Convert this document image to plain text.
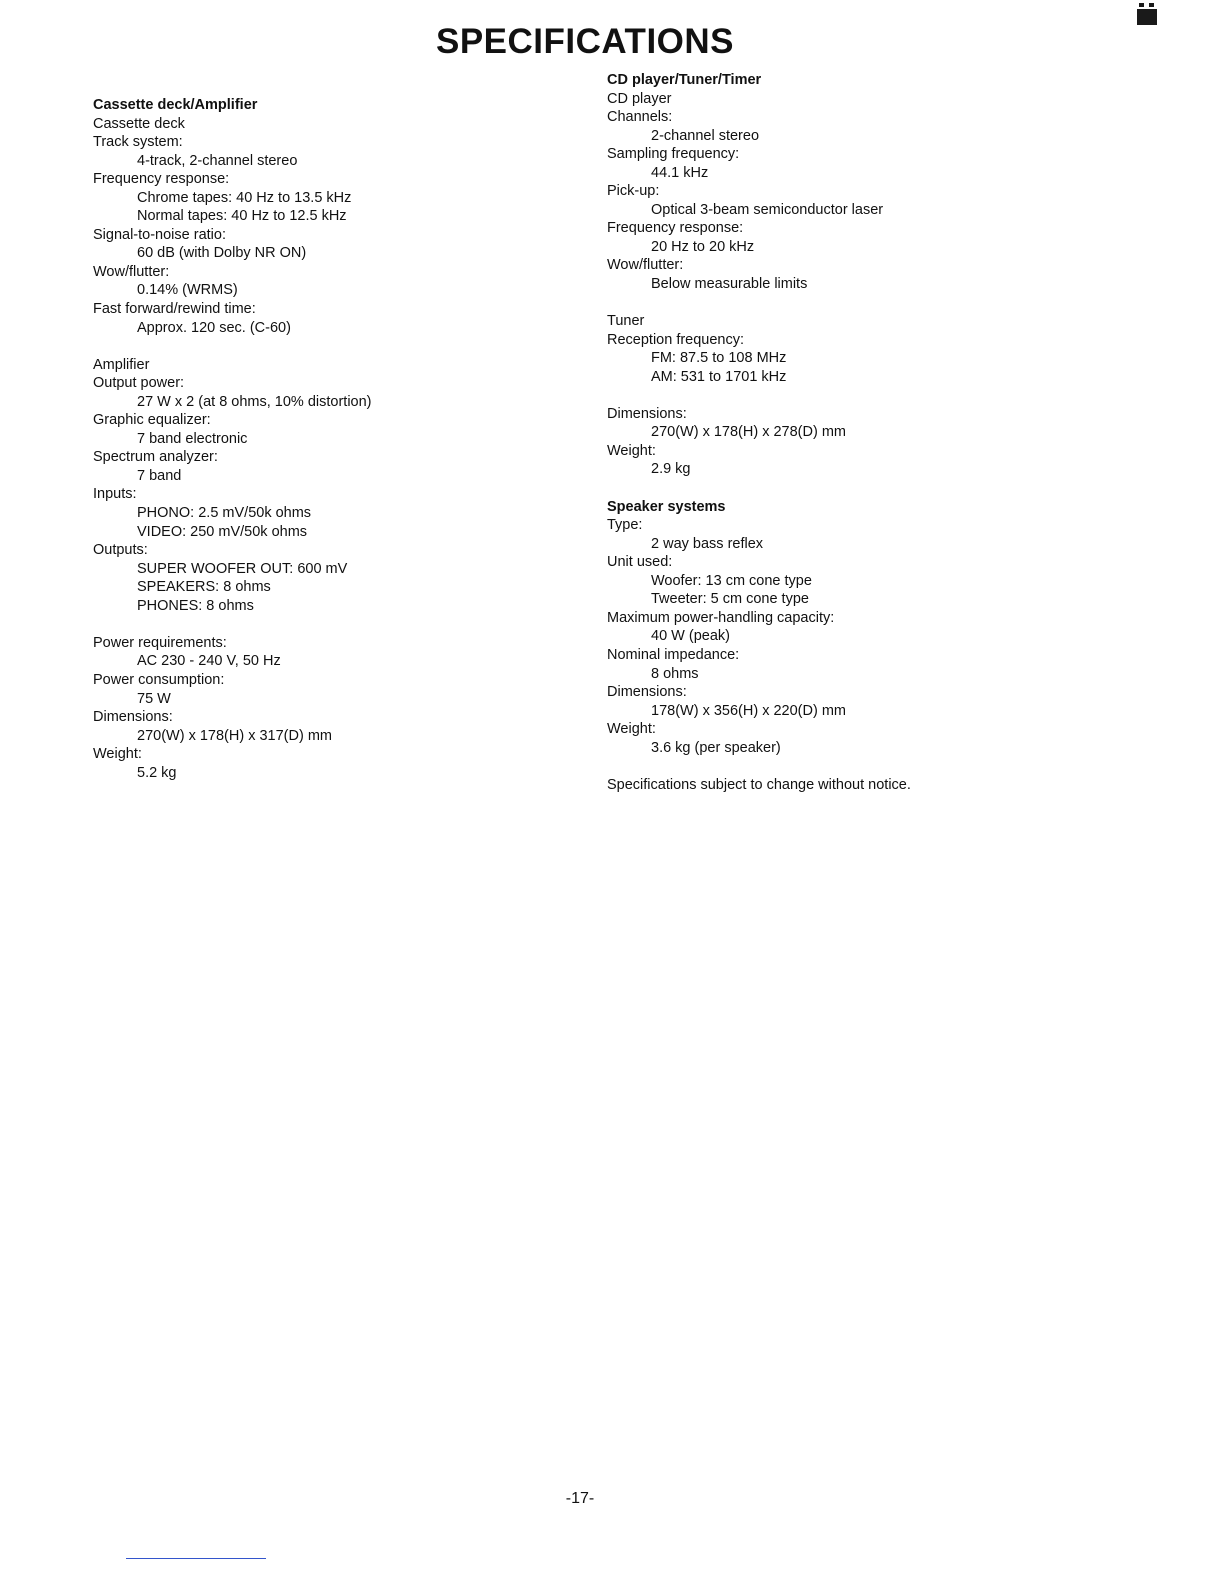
SPECIFICATIONS
Cassette deck/Amplifier
Cassette deck
Track system:
4-track, 2-channel stereo
Frequency response:
Chrome tapes: 40 Hz to 13.5 kHz
Normal tapes: 40 Hz to 12.5 kHz
Signal-to-noise ratio:
60 dB (with Dolby NR ON)
Wow/flutter:
0.14% (WRMS)
Fast forward/rewind time:
Approx. 120 sec. (C-60)
Amplifier
Output power:
27 W x 2 (at 8 ohms, 10% distortion)
Graphic equalizer:
7 band electronic
Spectrum analyzer:
7 band
Inputs:
PHONO: 2.5 mV/50k ohms
VIDEO: 250 mV/50k ohms
Outputs:
SUPER WOOFER OUT: 600 mV
SPEAKERS: 8 ohms
PHONES: 8 ohms
Power requirements:
AC 230 - 240 V, 50 Hz
Power consumption:
75 W
Dimensions:
270(W) x 178(H) x 317(D) mm
Weight:
5.2 kg
CD player/Tuner/Timer
CD player
Channels:
2-channel stereo
Sampling frequency:
44.1 kHz
Pick-up:
Optical 3-beam semiconductor laser
Frequency response:
20 Hz to 20 kHz
Wow/flutter:
Below measurable limits
Tuner
Reception frequency:
FM: 87.5 to 108 MHz
AM: 531 to 1701 kHz
Dimensions:
270(W) x 178(H) x 278(D) mm
Weight:
2.9 kg
Speaker systems
Type:
2 way bass reflex
Unit used:
Woofer: 13 cm cone type
Tweeter: 5 cm cone type
Maximum power-handling capacity:
40 W (peak)
Nominal impedance:
8 ohms
Dimensions:
178(W) x 356(H) x 220(D) mm
Weight:
3.6 kg (per speaker)
Specifications subject to change without notice.
-17-
